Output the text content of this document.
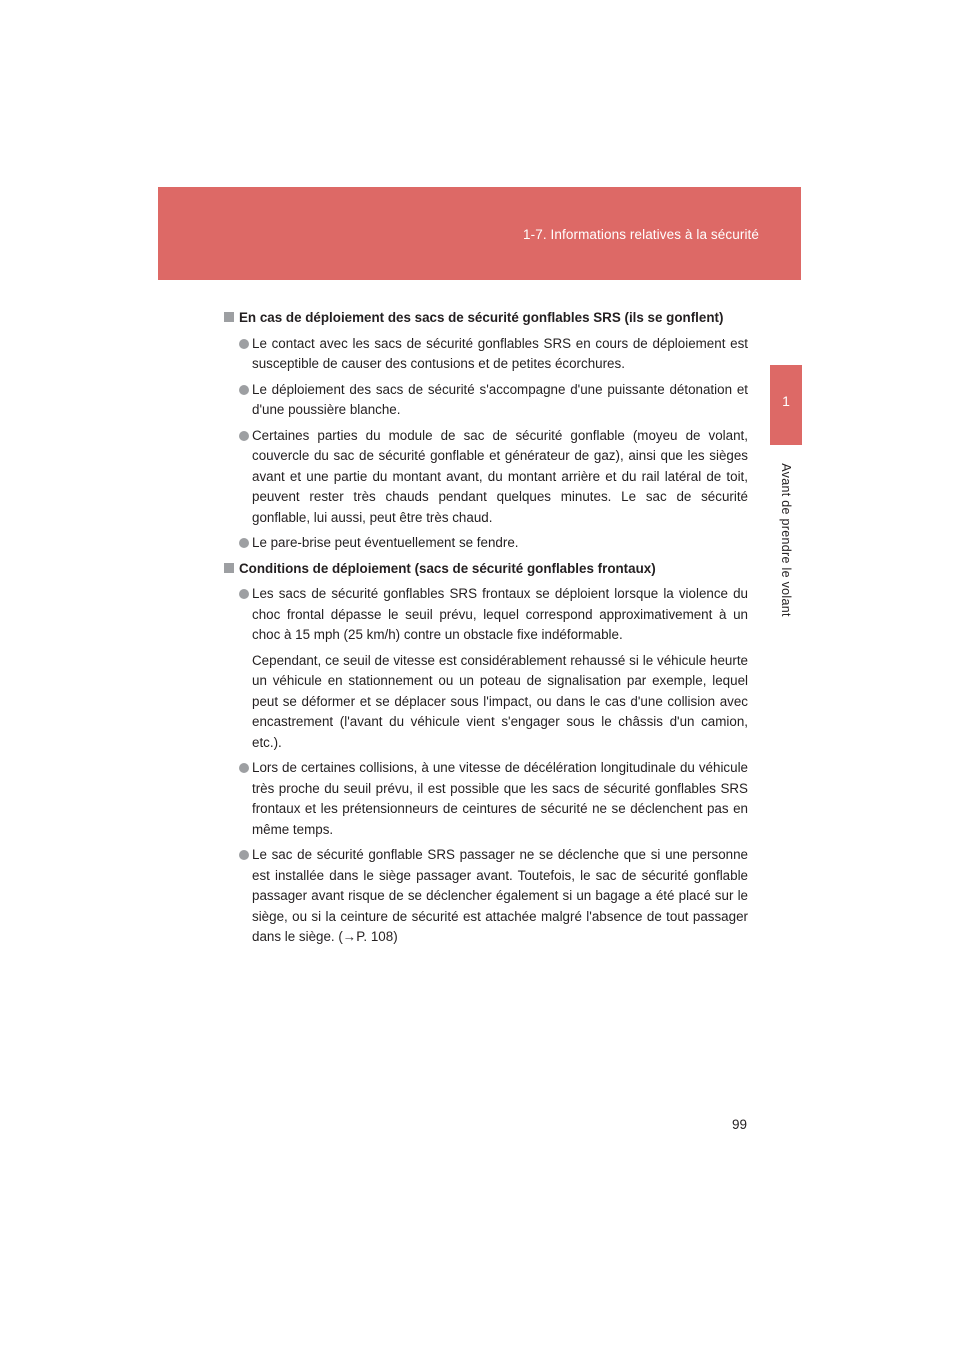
1-7. Informations relatives à la sécurité
1
Avant de prendre le volant
En cas de déploiement des sacs de sécurité gonflables SRS (ils se gonflent)

Le contact avec les sacs de sécurité gonflables SRS en cours de déploiement est susceptible de causer des contusions et de petites écorchures.

Le déploiement des sacs de sécurité s'accompagne d'une puissante détonation et d'une poussière blanche.

Certaines parties du module de sac de sécurité gonflable (moyeu de volant, couvercle du sac de sécurité gonflable et générateur de gaz), ainsi que les sièges avant et une partie du montant avant, du montant arrière et du rail latéral de toit, peuvent rester très chauds pendant quelques minutes. Le sac de sécurité gonflable, lui aussi, peut être très chaud.

Le pare-brise peut éventuellement se fendre.

Conditions de déploiement (sacs de sécurité gonflables frontaux)

Les sacs de sécurité gonflables SRS frontaux se déploient lorsque la violence du choc frontal dépasse le seuil prévu, lequel correspond approximativement à un choc à 15 mph (25 km/h) contre un obstacle fixe indéformable.

Cependant, ce seuil de vitesse est considérablement rehaussé si le véhicule heurte un véhicule en stationnement ou un poteau de signalisation par exemple, lequel peut se déformer et se déplacer sous l'impact, ou dans le cas d'une collision avec encastrement (l'avant du véhicule vient s'engager sous le châssis d'un camion, etc.).

Lors de certaines collisions, à une vitesse de décélération longitudinale du véhicule très proche du seuil prévu, il est possible que les sacs de sécurité gonflables SRS frontaux et les prétensionneurs de ceintures de sécurité ne se déclenchent pas en même temps.

Le sac de sécurité gonflable SRS passager ne se déclenche que si une personne est installée dans le siège passager avant. Toutefois, le sac de sécurité gonflable passager avant risque de se déclencher également si un bagage a été placé sur le siège, ou si la ceinture de sécurité est attachée malgré l'absence de tout passager dans le siège. (→P. 108)

99
